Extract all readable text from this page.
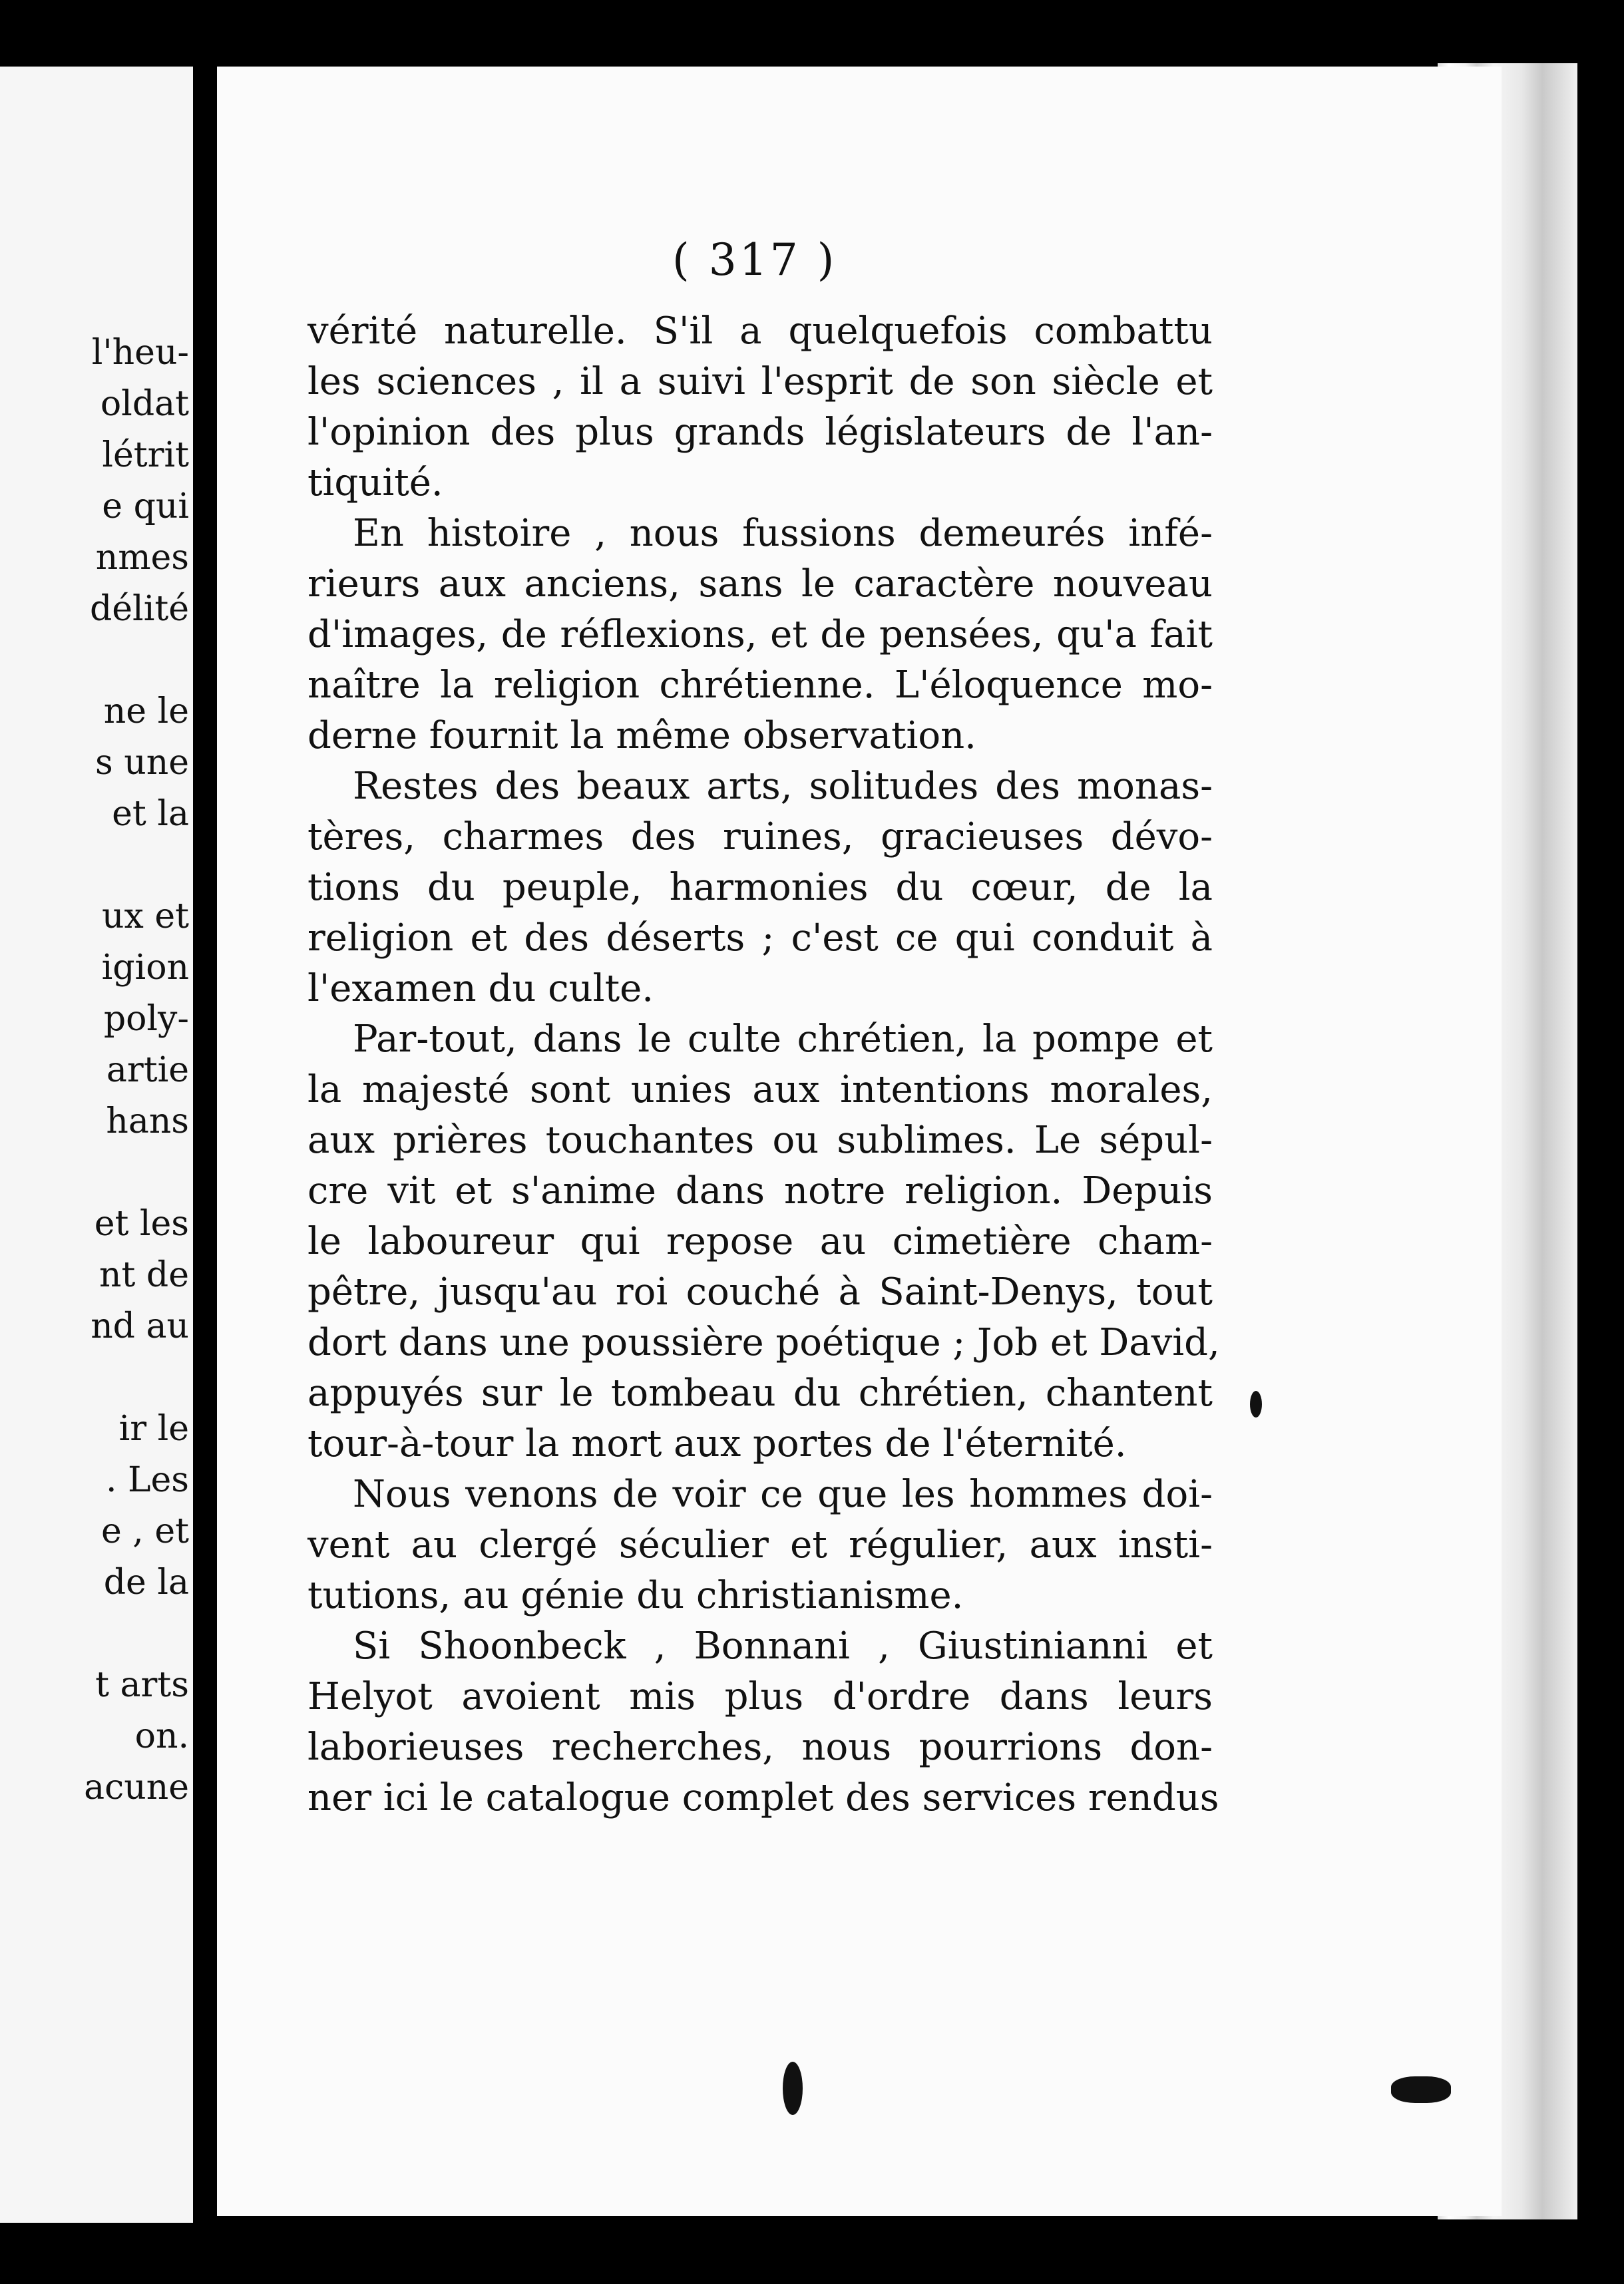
l'heu-
oldat
létrit
e qui
nmes
délité
ne le
s une
et la
ux et
igion
poly-
artie
hans
et les
nt de
nd au
ir le
. Les
e , et
de la
t arts
on.
acune
( 317 )
vérité naturelle. S'il a quelquefois combattu
les sciences , il a suivi l'esprit de son siècle et
l'opinion des plus grands législateurs de l'an-
tiquité.
En histoire , nous fussions demeurés infé-
rieurs aux anciens, sans le caractère nouveau
d'images, de réflexions, et de pensées, qu'a fait
naître la religion chrétienne. L'éloquence mo-
derne fournit la même observation.
Restes des beaux arts, solitudes des monas-
tères, charmes des ruines, gracieuses dévo-
tions du peuple, harmonies du cœur, de la
religion et des déserts ; c'est ce qui conduit à
l'examen du culte.
Par-tout, dans le culte chrétien, la pompe et
la majesté sont unies aux intentions morales,
aux prières touchantes ou sublimes. Le sépul-
cre vit et s'anime dans notre religion. Depuis
le laboureur qui repose au cimetière cham-
pêtre, jusqu'au roi couché à Saint-Denys, tout
dort dans une poussière poétique ; Job et David,
appuyés sur le tombeau du chrétien, chantent
tour-à-tour la mort aux portes de l'éternité.
Nous venons de voir ce que les hommes doi-
vent au clergé séculier et régulier, aux insti-
tutions, au génie du christianisme.
Si Shoonbeck , Bonnani , Giustinianni et
Helyot avoient mis plus d'ordre dans leurs
laborieuses recherches, nous pourrions don-
ner ici le catalogue complet des services rendus
